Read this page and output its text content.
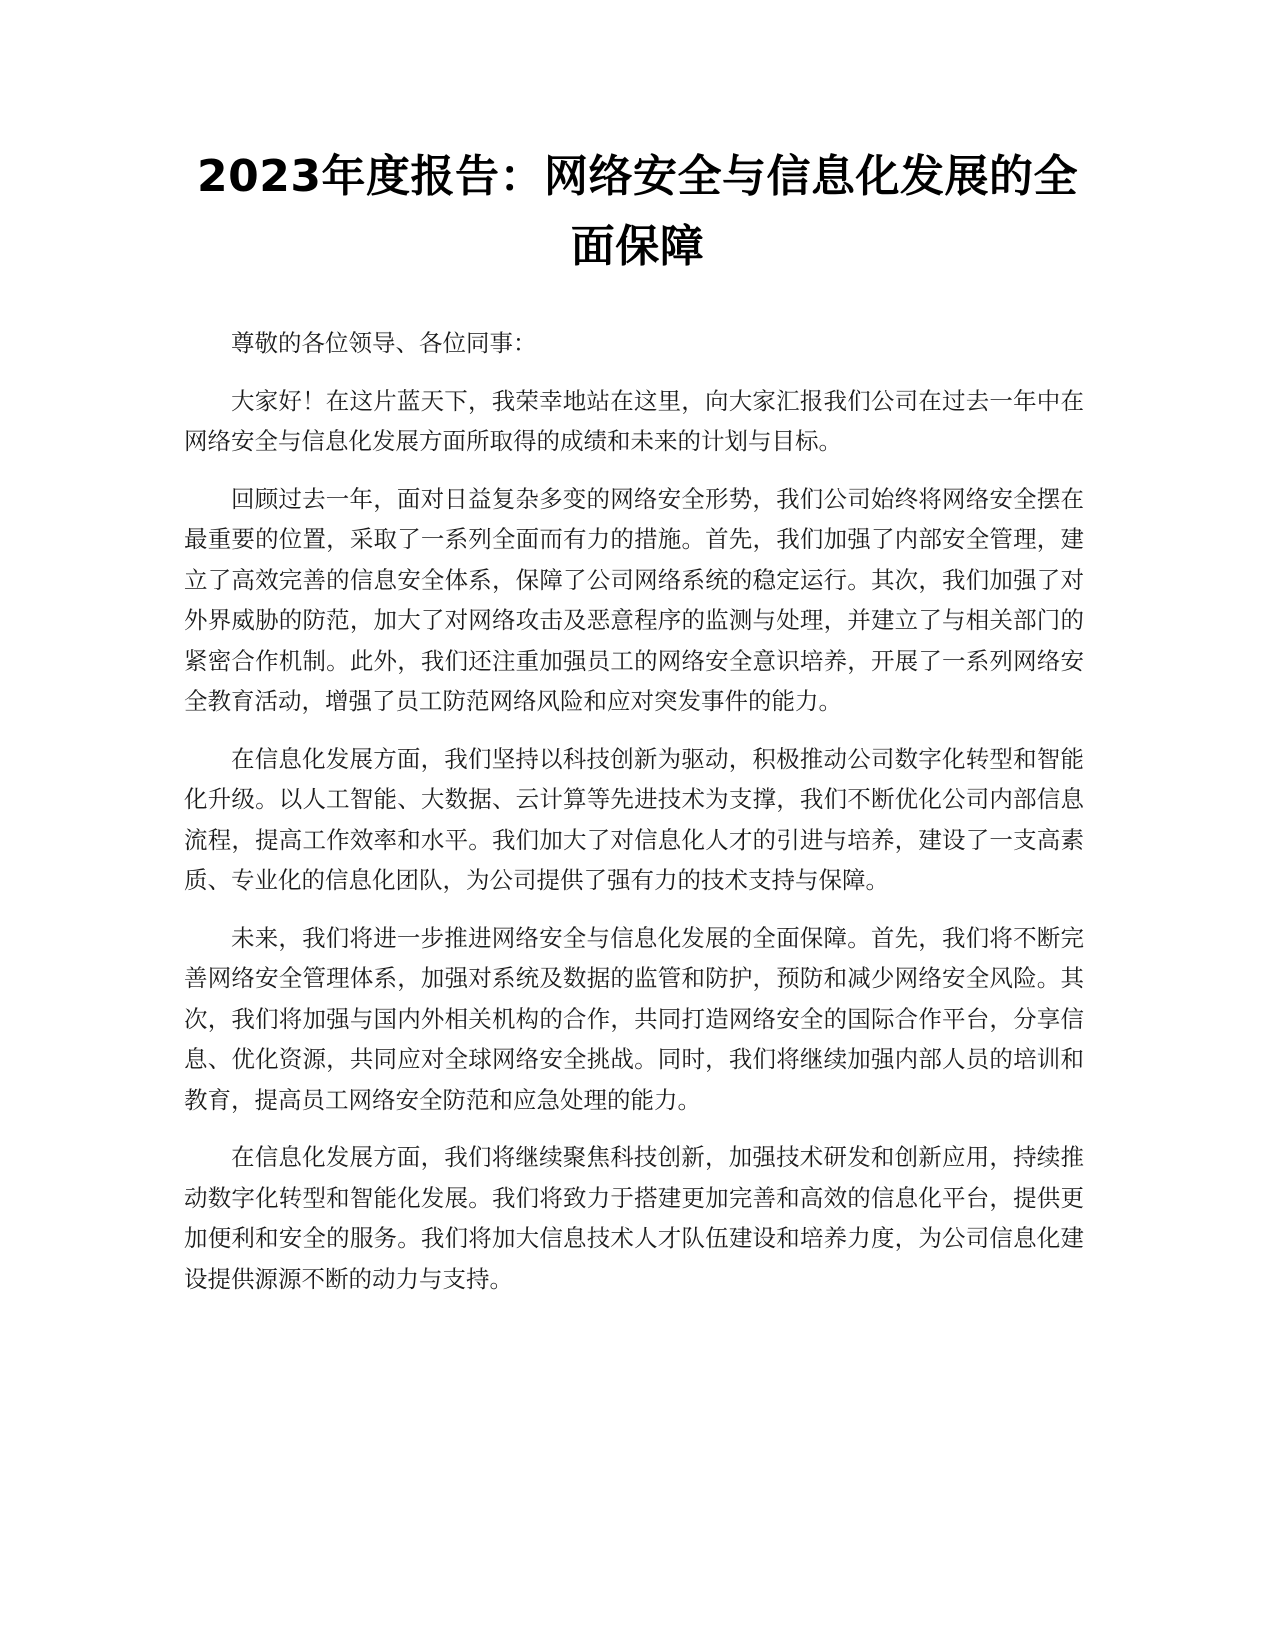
2023年度报告：网络安全与信息化发展的全面保障

尊敬的各位领导、各位同事：

大家好！在这片蓝天下，我荣幸地站在这里，向大家汇报我们公司在过去一年中在网络安全与信息化发展方面所取得的成绩和未来的计划与目标。

回顾过去一年，面对日益复杂多变的网络安全形势，我们公司始终将网络安全摆在最重要的位置，采取了一系列全面而有力的措施。首先，我们加强了内部安全管理，建立了高效完善的信息安全体系，保障了公司网络系统的稳定运行。其次，我们加强了对外界威胁的防范，加大了对网络攻击及恶意程序的监测与处理，并建立了与相关部门的紧密合作机制。此外，我们还注重加强员工的网络安全意识培养，开展了一系列网络安全教育活动，增强了员工防范网络风险和应对突发事件的能力。

在信息化发展方面，我们坚持以科技创新为驱动，积极推动公司数字化转型和智能化升级。以人工智能、大数据、云计算等先进技术为支撑，我们不断优化公司内部信息流程，提高工作效率和水平。我们加大了对信息化人才的引进与培养，建设了一支高素质、专业化的信息化团队，为公司提供了强有力的技术支持与保障。

未来，我们将进一步推进网络安全与信息化发展的全面保障。首先，我们将不断完善网络安全管理体系，加强对系统及数据的监管和防护，预防和减少网络安全风险。其次，我们将加强与国内外相关机构的合作，共同打造网络安全的国际合作平台，分享信息、优化资源，共同应对全球网络安全挑战。同时，我们将继续加强内部人员的培训和教育，提高员工网络安全防范和应急处理的能力。

在信息化发展方面，我们将继续聚焦科技创新，加强技术研发和创新应用，持续推动数字化转型和智能化发展。我们将致力于搭建更加完善和高效的信息化平台，提供更加便利和安全的服务。我们将加大信息技术人才队伍建设和培养力度，为公司信息化建设提供源源不断的动力与支持。
